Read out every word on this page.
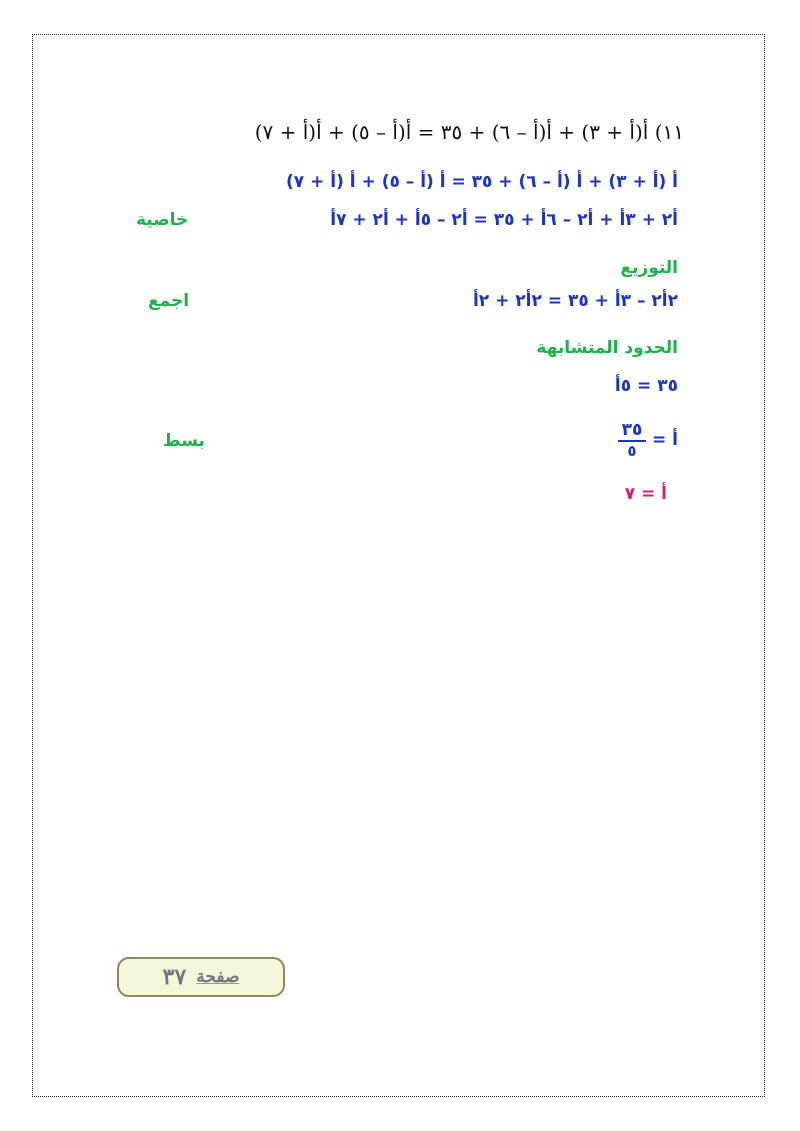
١١) أ(أ + ٣) + أ(أ – ٦) + ٣٥ = أ(أ – ٥) + أ(أ + ٧)
أ (أ + ٣) + أ (أ – ٦) + ٣٥ = أ (أ – ٥) + أ (أ + ٧)
أ٢ + ٣أ + أ٢ – ٦أ + ٣٥ = أ٢ – ٥أ + أ٢ + ٧أ
خاصية
التوزيع
٢أ٢ – ٣أ + ٣٥ = ٢أ٢ + ٢أ
اجمع
الحدود المتشابهة
٣٥ = ٥أ
$\frac{٣٥}{٥}$ أ =
بسط
أ = ٧
صفحة
٣٧
